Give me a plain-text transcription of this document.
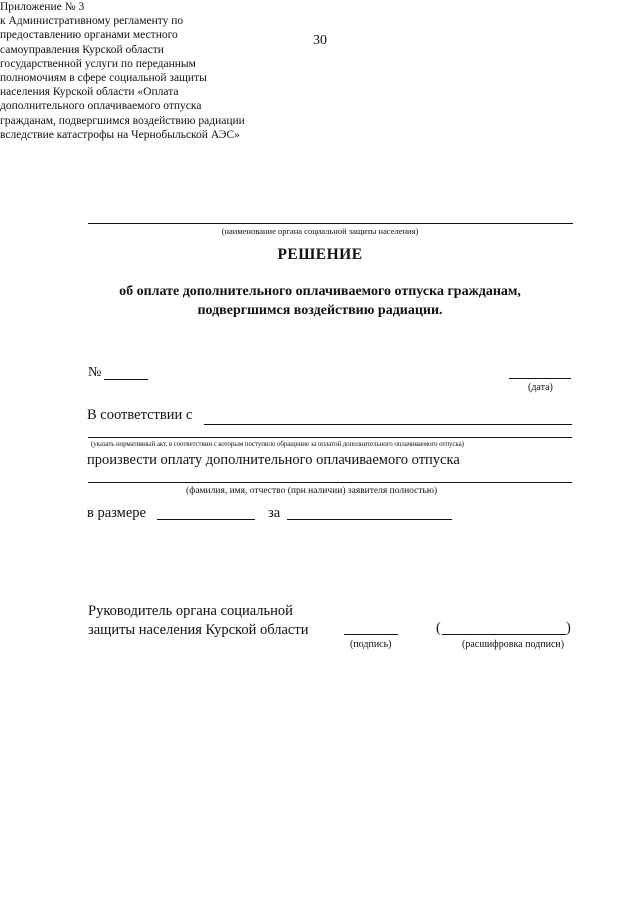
30
Приложение № 3
к Административному регламенту по
предоставлению органами местного
самоуправления Курской области
государственной услуги по переданным
полномочиям в сфере социальной защиты
населения Курской области «Оплата
дополнительного оплачиваемого отпуска
гражданам, подвергшимся воздействию радиации
вследствие катастрофы на Чернобыльской АЭС»
(наименование органа социальной защиты населения)
РЕШЕНИЕ
об оплате дополнительного оплачиваемого отпуска гражданам,
подвергшимся воздействию радиации.
№
(дата)
В соответствии с
(указать нормативный акт, в соответствии с которым поступило обращение за оплатой дополнительного оплачиваемого отпуска)
произвести оплату дополнительного оплачиваемого отпуска
(фамилия, имя, отчество (при наличии) заявителя полностью)
в размере	за
Руководитель органа социальной
защиты населения Курской области
(подпись)
(	)
(расшифровка подписи)
